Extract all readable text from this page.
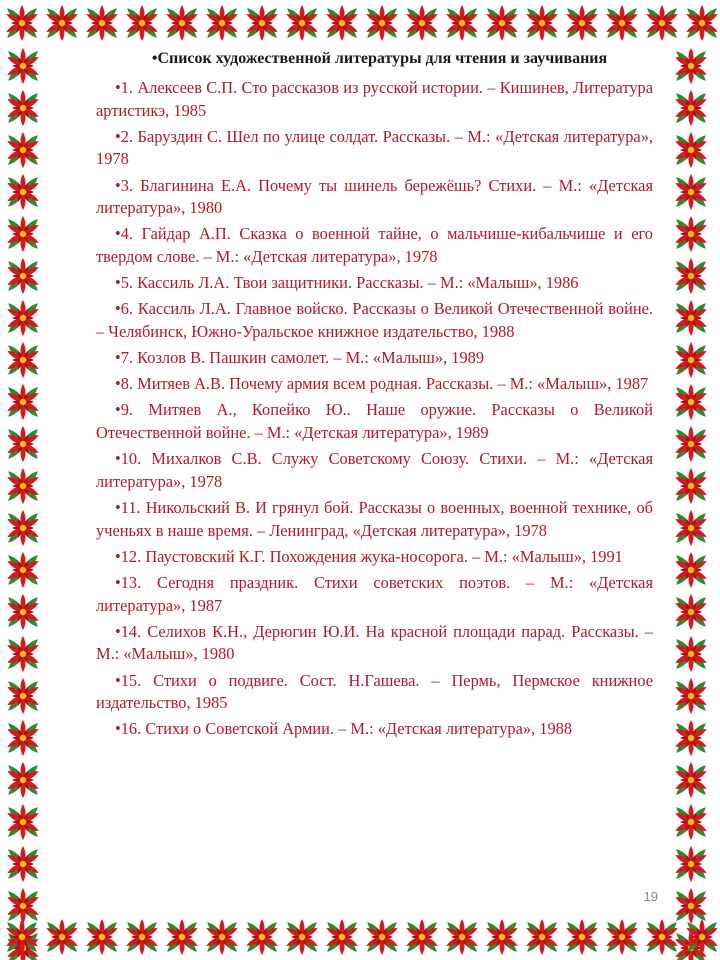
•Список художественной литературы для чтения и заучивания
•1. Алексеев С.П. Сто рассказов из русской истории. – Кишинев, Литература артистикэ, 1985
•2. Баруздин С. Шел по улице солдат. Рассказы. – М.: «Детская литература», 1978
•3. Благинина Е.А. Почему ты шинель бережёшь? Стихи. – М.: «Детская литература», 1980
•4. Гайдар А.П. Сказка о военной тайне, о мальчише-кибальчише и его твердом слове. – М.: «Детская литература», 1978
•5. Кассиль Л.А. Твои защитники. Рассказы. – М.: «Малыш», 1986
•6. Кассиль Л.А. Главное войско. Рассказы о Великой Отечественной войне. – Челябинск, Южно-Уральское книжное издательство, 1988
•7. Козлов В. Пашкин самолет. – М.: «Малыш», 1989
•8. Митяев А.В. Почему армия всем родная. Рассказы. – М.: «Малыш», 1987
•9. Митяев А., Копейко Ю.. Наше оружие. Рассказы о Великой Отечественной войне. – М.: «Детская литература», 1989
•10. Михалков С.В. Служу Советскому Союзу. Стихи. – М.: «Детская литература», 1978
•11. Никольский В. И грянул бой. Рассказы о военных, военной технике, об ученьях в наше время. – Ленинград, «Детская литература», 1978
•12. Паустовский К.Г. Похождения жука-носорога. – М.: «Малыш», 1991
•13. Сегодня праздник. Стихи советских поэтов. – М.: «Детская литература», 1987
•14. Селихов К.Н., Дерюгин Ю.И. На красной площади парад. Рассказы. – М.: «Малыш», 1980
•15. Стихи о подвиге. Сост. Н.Гашева. – Пермь, Пермское книжное издательство, 1985
•16. Стихи о Советской Армии. – М.: «Детская литература», 1988
19
